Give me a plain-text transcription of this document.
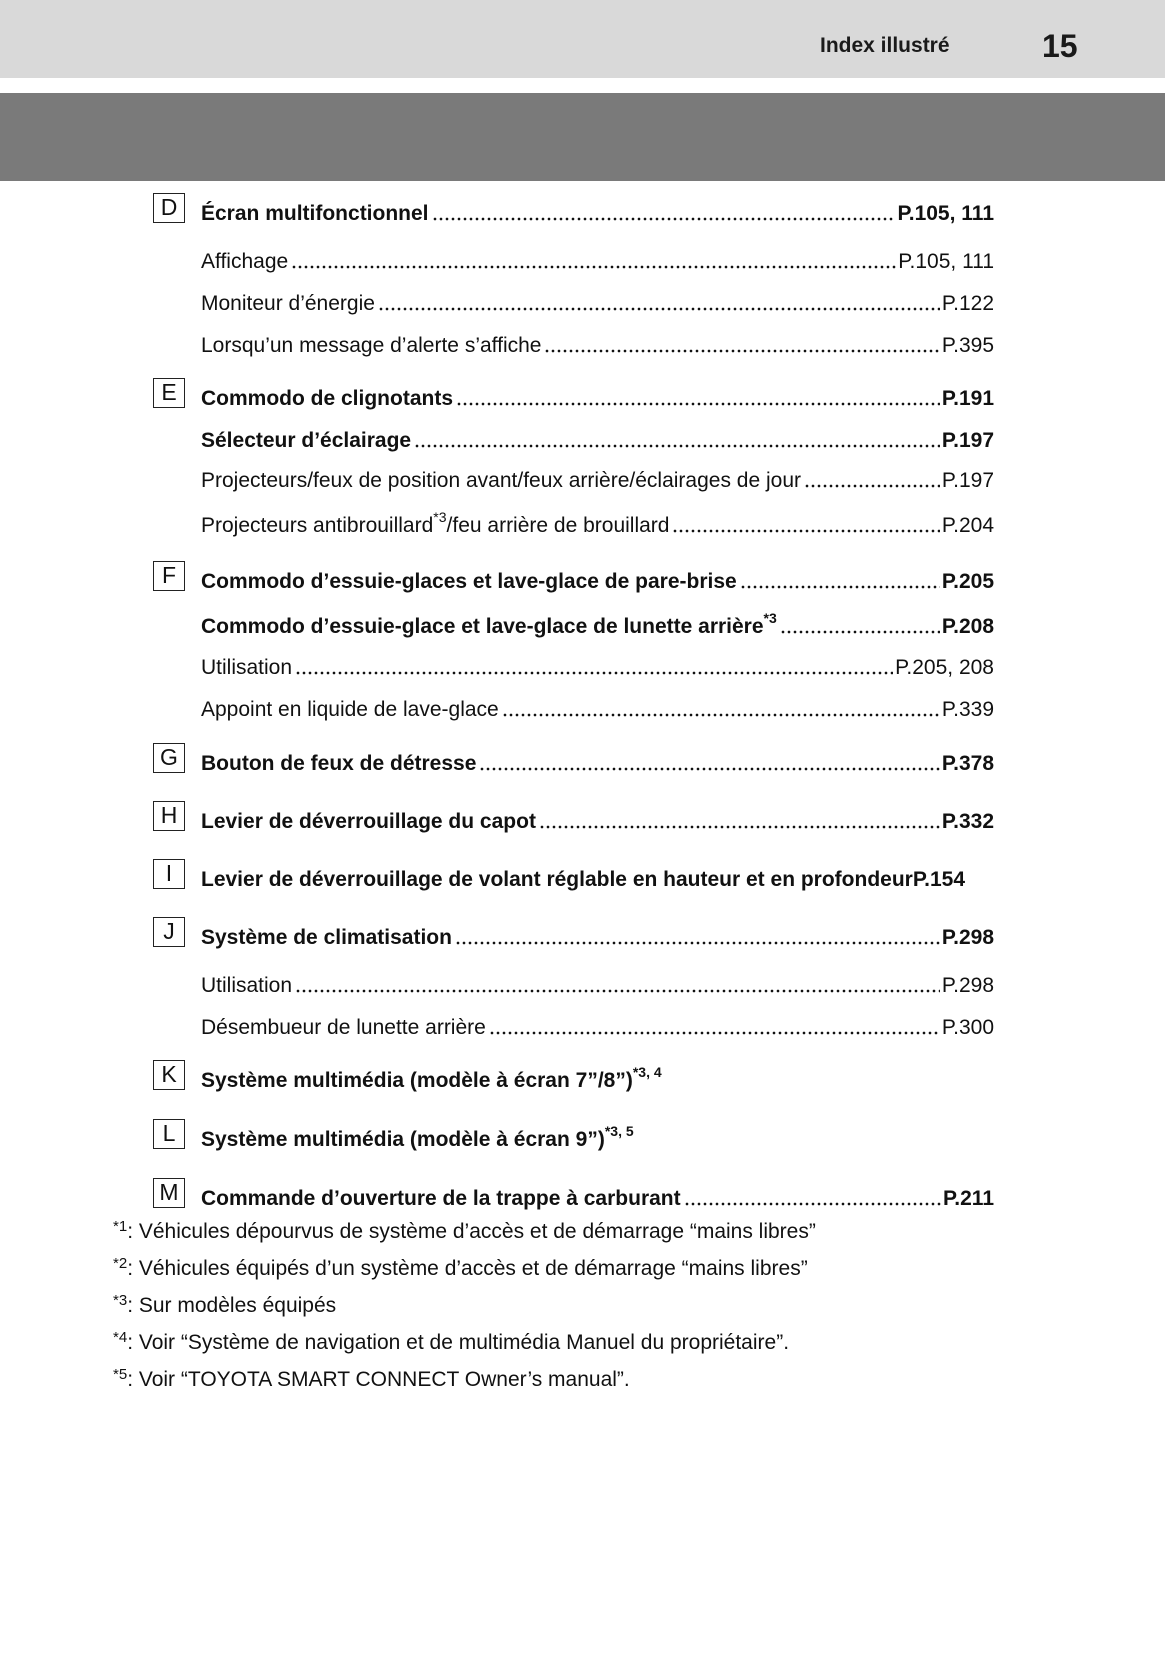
Index illustré	15
D	Écran multifonctionnel	P.105, 111
Affichage	P.105, 111
Moniteur d’énergie	P.122
Lorsqu’un message d’alerte s’affiche	P.395
E	Commodo de clignotants	P.191
Sélecteur d’éclairage	P.197
Projecteurs/feux de position avant/feux arrière/éclairages de jour	P.197
Projecteurs antibrouillard$^{*3}$/feu arrière de brouillard	P.204
F	Commodo d’essuie-glaces et lave-glace de pare-brise	P.205
Commodo d’essuie-glace et lave-glace de lunette arrière$^{*3}$	P.208
Utilisation	P.205, 208
Appoint en liquide de lave-glace	P.339
G	Bouton de feux de détresse	P.378
H	Levier de déverrouillage du capot	P.332
I	Levier de déverrouillage de volant réglable en hauteur et en profondeur P.154
J	Système de climatisation	P.298
Utilisation	P.298
Désembueur de lunette arrière	P.300
K	Système multimédia (modèle à écran 7”/8”)$^{*3, 4}$
L	Système multimédia (modèle à écran 9”)$^{*3, 5}$
M	Commande d’ouverture de la trappe à carburant	P.211
$^{*1}$: Véhicules dépourvus de système d’accès et de démarrage “mains libres”
$^{*2}$: Véhicules équipés d’un système d’accès et de démarrage “mains libres”
$^{*3}$: Sur modèles équipés
$^{*4}$: Voir “Système de navigation et de multimédia Manuel du propriétaire”.
$^{*5}$: Voir “TOYOTA SMART CONNECT Owner’s manual”.
